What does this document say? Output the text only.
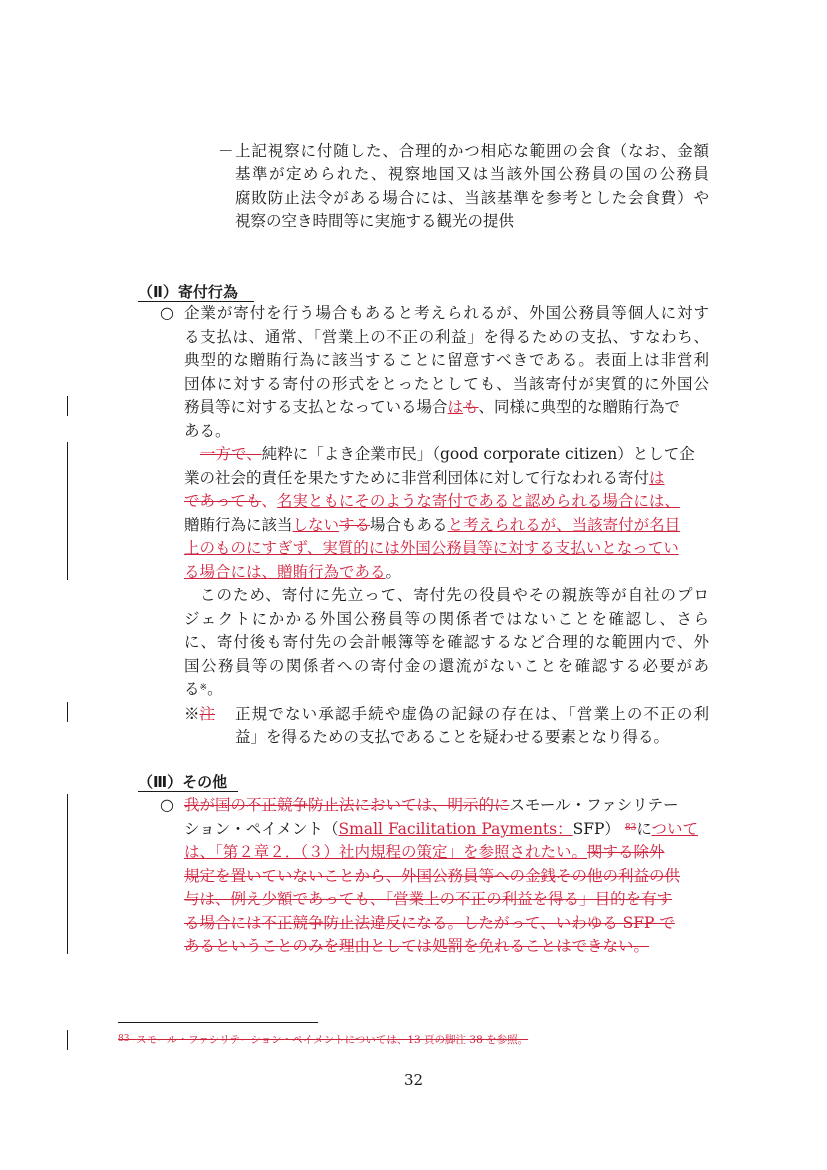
－ 上記視察に付随した、合理的かつ相応な範囲の会食（なお、金額
基準が定められた、視察地国又は当該外国公務員の国の公務員
腐敗防止法令がある場合には、当該基準を参考とした会食費）や
視察の空き時間等に実施する観光の提供
（Ⅱ）寄付行為
○ 企業が寄付を行う場合もあると考えられるが、外国公務員等個人に対す
る支払は、通常、「営業上の不正の利益」を得るための支払、すなわち、
典型的な贈賄行為に該当することに留意すべきである。表面上は非営利
団体に対する寄付の形式をとったとしても、当該寄付が実質的に外国公
務員等に対する支払となっている場合はも、同様に典型的な贈賄行為で
ある。
一方で、純粋に「よき企業市民」（good corporate citizen）として企
業の社会的責任を果たすために非営利団体に対して行なわれる寄付は
であっても、名実ともにそのような寄付であると認められる場合には、
贈賄行為に該当しないする場合もあると考えられるが、当該寄付が名目
上のものにすぎず、実質的には外国公務員等に対する支払いとなってい
る場合には、贈賄行為である。
このため、寄付に先立って、寄付先の役員やその親族等が自社のプロ
ジェクトにかかる外国公務員等の関係者ではないことを確認し、さら
に、寄付後も寄付先の会計帳簿等を確認するなど合理的な範囲内で、外
国公務員等の関係者への寄付金の還流がないことを確認する必要があ
る※。
※注 正規でない承認手続や虚偽の記録の存在は、「営業上の不正の利
益」を得るための支払であることを疑わせる要素となり得る。
（Ⅲ）その他
○ 我が国の不正競争防止法においては、明示的にスモール・ファシリテー
ション・ペイメント（Small Facilitation Payments：SFP） $^{83}$について
は、「第２章２．（３）社内規程の策定」を参照されたい。関する除外
規定を置いていないことから、外国公務員等への金銭その他の利益の供
与は、例え少額であっても、「営業上の不正の利益を得る」目的を有す
る場合には不正競争防止法違反になる。したがって、いわゆる SFP で
あるということのみを理由としては処罰を免れることはできない。
83 スモール・ファシリテーション・ペイメントについては、13 頁の脚注 38 を参照。
32
